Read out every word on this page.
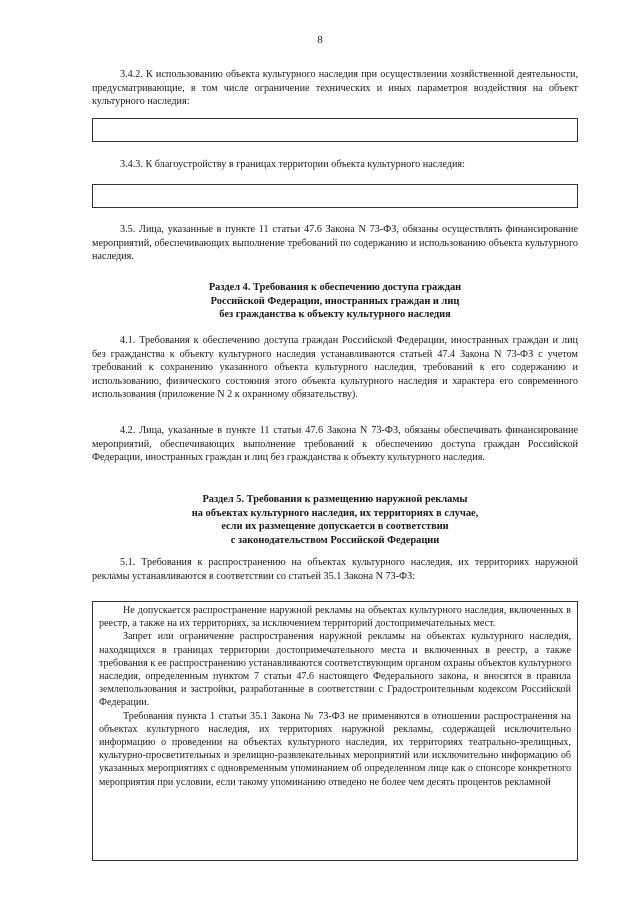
8

3.4.2. К использованию объекта культурного наследия при осуществлении хозяйственной деятельности, предусматривающие, в том числе ограничение технических и иных параметров воздействия на объект культурного наследия:

3.4.3. К благоустройству в границах территории объекта культурного наследия:

3.5. Лица, указанные в пункте 11 статьи 47.6 Закона N 73-ФЗ, обязаны осуществлять финансирование мероприятий, обеспечивающих выполнение требований по содержанию и использованию объекта культурного наследия.

Раздел 4. Требования к обеспечению доступа граждан
Российской Федерации, иностранных граждан и лиц
без гражданства к объекту культурного наследия

4.1. Требования к обеспечению доступа граждан Российской Федерации, иностранных граждан и лиц без гражданства к объекту культурного наследия устанавливаются статьей 47.4 Закона N 73-ФЗ с учетом требований к сохранению указанного объекта культурного наследия, требований к его содержанию и использованию, физического состояния этого объекта культурного наследия и характера его современного использования (приложение N 2 к охранному обязательству).

4.2. Лица, указанные в пункте 11 статьи 47.6 Закона N 73-ФЗ, обязаны обеспечивать финансирование мероприятий, обеспечивающих выполнение требований к обеспечению доступа граждан Российской Федерации, иностранных граждан и лиц без гражданства к объекту культурного наследия.

Раздел 5. Требования к размещению наружной рекламы
на объектах культурного наследия, их территориях в случае,
если их размещение допускается в соответствии
с законодательством Российской Федерации

5.1. Требования к распространению на объектах культурного наследия, их территориях наружной рекламы устанавливаются в соответствии со статьей 35.1 Закона N 73-ФЗ:

Не допускается распространение наружной рекламы на объектах культурного наследия, включенных в реестр, а также на их территориях, за исключением территорий достопримечательных мест.

Запрет или ограничение распространения наружной рекламы на объектах культурного наследия, находящихся в границах территории достопримечательного места и включенных в реестр, а также требования к ее распространению устанавливаются соответствующим органом охраны объектов культурного наследия, определенным пунктом 7 статьи 47.6 настоящего Федерального закона, и вносятся в правила землепользования и застройки, разработанные в соответствии с Градостроительным кодексом Российской Федерации.

Требования пункта 1 статьи 35.1 Закона № 73-ФЗ не применяются в отношении распространения на объектах культурного наследия, их территориях наружной рекламы, содержащей исключительно информацию о проведении на объектах культурного наследия, их территориях театрально-зрелищных, культурно-просветительных и зрелищно-развлекательных мероприятий или исключительно информацию об указанных мероприятиях с одновременным упоминанием об определенном лице как о спонсоре конкретного мероприятия при условии, если такому упоминанию отведено не более чем десять процентов рекламной
